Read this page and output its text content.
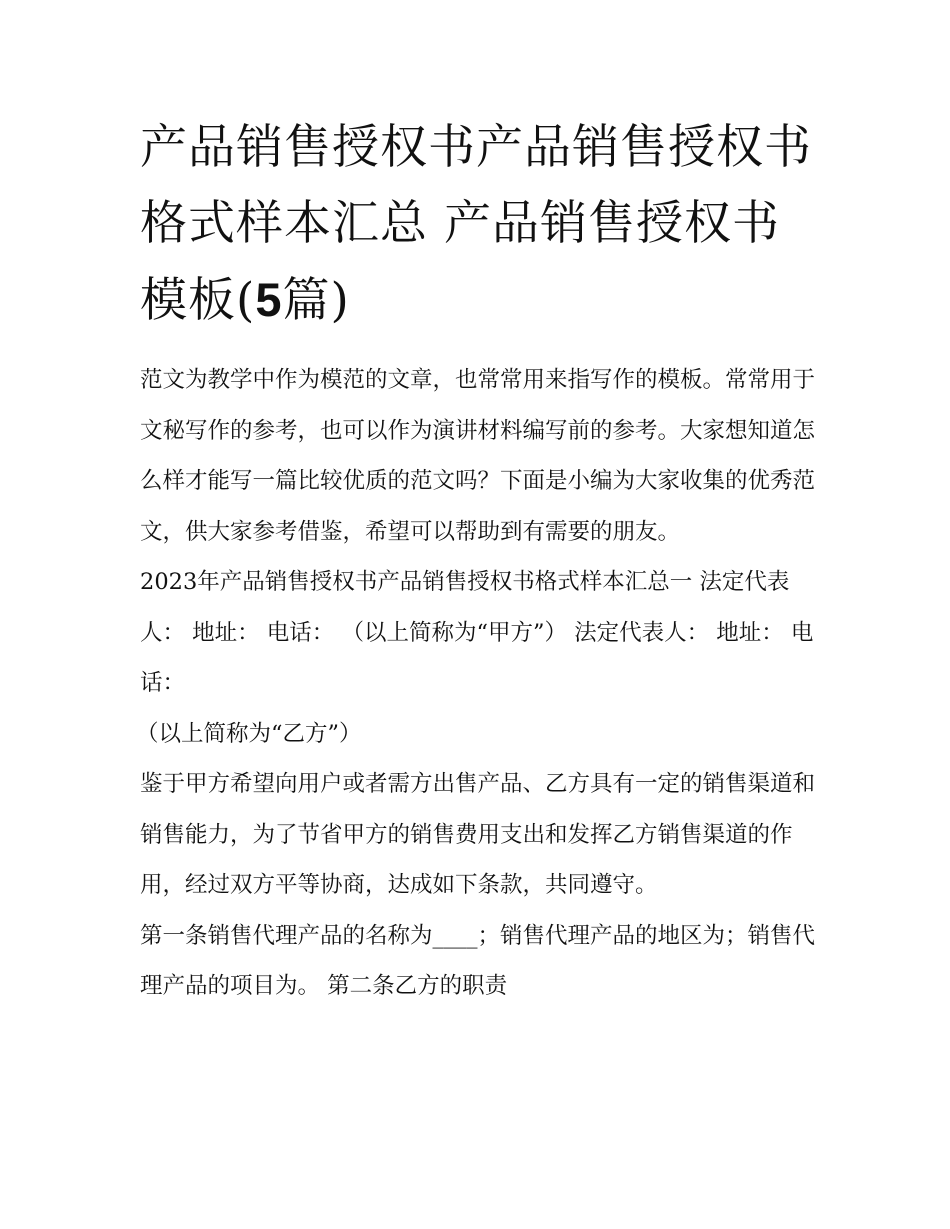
产品销售授权书产品销售授权书格式样本汇总 产品销售授权书模板(5篇)

范文为教学中作为模范的文章，也常常用来指写作的模板。常常用于文秘写作的参考，也可以作为演讲材料编写前的参考。大家想知道怎么样才能写一篇比较优质的范文吗？下面是小编为大家收集的优秀范文，供大家参考借鉴，希望可以帮助到有需要的朋友。

2023年产品销售授权书产品销售授权书格式样本汇总一 法定代表人： 地址： 电话： （以上简称为“甲方”） 法定代表人： 地址： 电话：

（以上简称为“乙方”）

鉴于甲方希望向用户或者需方出售产品、乙方具有一定的销售渠道和销售能力，为了节省甲方的销售费用支出和发挥乙方销售渠道的作用，经过双方平等协商，达成如下条款，共同遵守。

第一条销售代理产品的名称为____；销售代理产品的地区为；销售代理产品的项目为。 第二条乙方的职责
